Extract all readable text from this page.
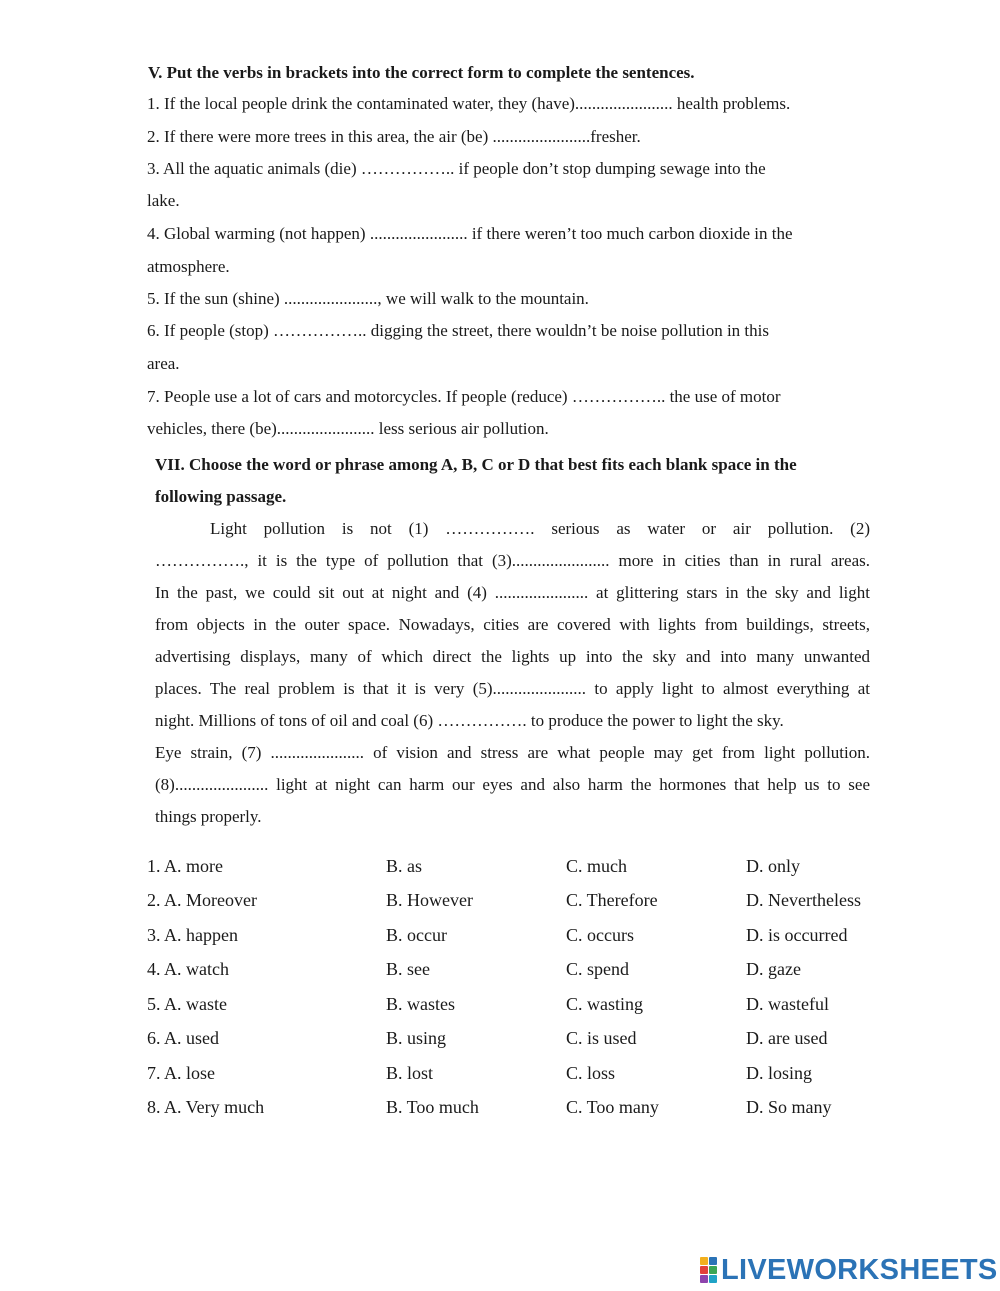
V. Put the verbs in brackets into the correct form to complete the sentences.
1. If the local people drink the contaminated water, they (have)....................... health problems.
2. If there were more trees in this area, the air (be) .......................fresher.
3. All the aquatic animals (die) …………….. if people don’t stop dumping sewage into the
lake.
4. Global warming (not happen) ....................... if there weren’t too much carbon dioxide in the
atmosphere.
5. If the sun (shine) ......................, we will walk to the mountain.
6. If people (stop) …………….. digging the street, there wouldn’t be noise pollution in this
area.
7. People use a lot of cars and motorcycles. If people (reduce) …………….. the use of motor
vehicles, there (be)....................... less serious air pollution.
VII. Choose the word or phrase among A, B, C or D that best fits each blank space in the
following passage.
Light pollution is not (1) ……………. serious as water or air pollution. (2)
……………., it is the type of pollution that (3)....................... more in cities than in rural areas.
In the past, we could sit out at night and (4) ...................... at glittering stars in the sky and light
from objects in the outer space. Nowadays, cities are covered with lights from buildings, streets,
advertising displays, many of which direct the lights up into the sky and into many unwanted
places. The real problem is that it is very (5)...................... to apply light to almost everything at
night. Millions of tons of oil and coal (6) ……………. to produce the power to light the sky.
Eye strain, (7) ...................... of vision and stress are what people may get from light pollution.
(8)...................... light at night can harm our eyes and also harm the hormones that help us to see
things properly.
1. A. more	B. as	C. much	D. only
2. A. Moreover	B. However	C. Therefore	D. Nevertheless
3. A. happen	B. occur	C. occurs	D. is occurred
4. A. watch	B. see	C. spend	D. gaze
5. A. waste	B. wastes	C. wasting	D. wasteful
6. A. used	B. using	C. is used	D. are used
7. A. lose	B. lost	C. loss	D. losing
8. A. Very much	B. Too much	C. Too many	D. So many
LIVEWORKSHEETS
